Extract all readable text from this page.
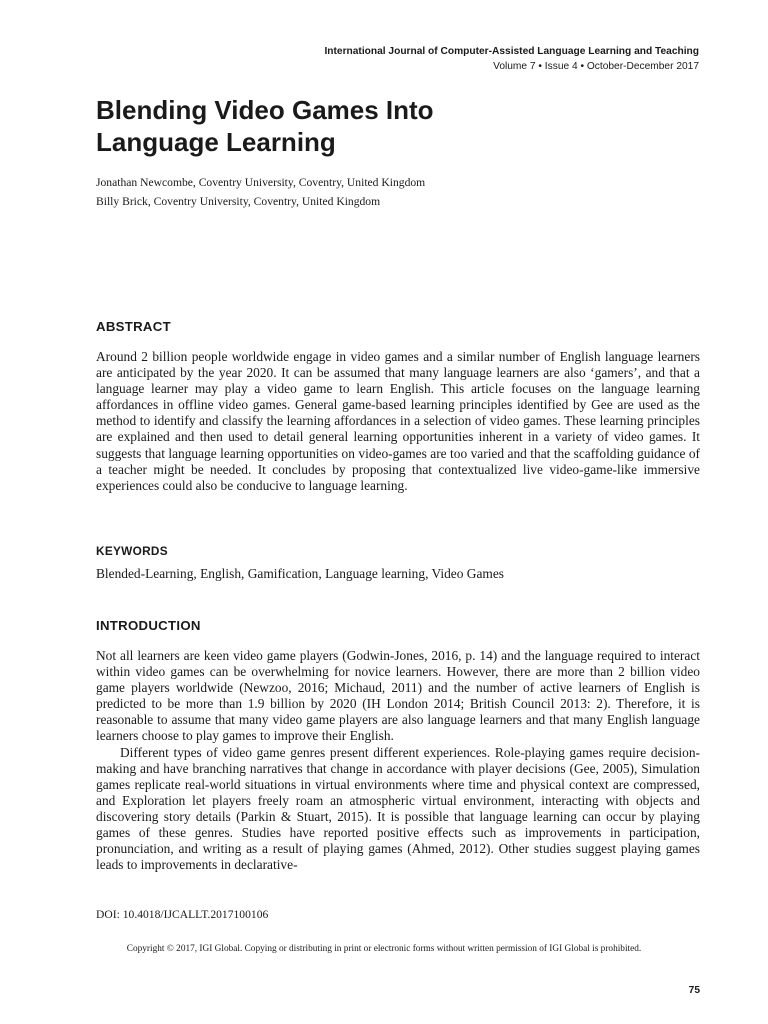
International Journal of Computer-Assisted Language Learning and Teaching
Volume 7 • Issue 4 • October-December 2017
Blending Video Games Into
Language Learning
Jonathan Newcombe, Coventry University, Coventry, United Kingdom
Billy Brick, Coventry University, Coventry, United Kingdom
ABSTRACT

Around 2 billion people worldwide engage in video games and a similar number of English language learners are anticipated by the year 2020. It can be assumed that many language learners are also ‘gamers’, and that a language learner may play a video game to learn English. This article focuses on the language learning affordances in offline video games. General game-based learning principles identified by Gee are used as the method to identify and classify the learning affordances in a selection of video games. These learning principles are explained and then used to detail general learning opportunities inherent in a variety of video games. It suggests that language learning opportunities on video-games are too varied and that the scaffolding guidance of a teacher might be needed. It concludes by proposing that contextualized live video-game-like immersive experiences could also be conducive to language learning.

KEYWORDS

Blended-Learning, English, Gamification, Language learning, Video Games

INTRODUCTION

Not all learners are keen video game players (Godwin-Jones, 2016, p. 14) and the language required to interact within video games can be overwhelming for novice learners. However, there are more than 2 billion video game players worldwide (Newzoo, 2016; Michaud, 2011) and the number of active learners of English is predicted to be more than 1.9 billion by 2020 (IH London 2014; British Council 2013: 2). Therefore, it is reasonable to assume that many video game players are also language learners and that many English language learners choose to play games to improve their English.

Different types of video game genres present different experiences. Role-playing games require decision-making and have branching narratives that change in accordance with player decisions (Gee, 2005), Simulation games replicate real-world situations in virtual environments where time and physical context are compressed, and Exploration let players freely roam an atmospheric virtual environment, interacting with objects and discovering story details (Parkin & Stuart, 2015). It is possible that language learning can occur by playing games of these genres. Studies have reported positive effects such as improvements in participation, pronunciation, and writing as a result of playing games (Ahmed, 2012). Other studies suggest playing games leads to improvements in declarative-

DOI: 10.4018/IJCALLT.2017100106
Copyright © 2017, IGI Global. Copying or distributing in print or electronic forms without written permission of IGI Global is prohibited.
75
